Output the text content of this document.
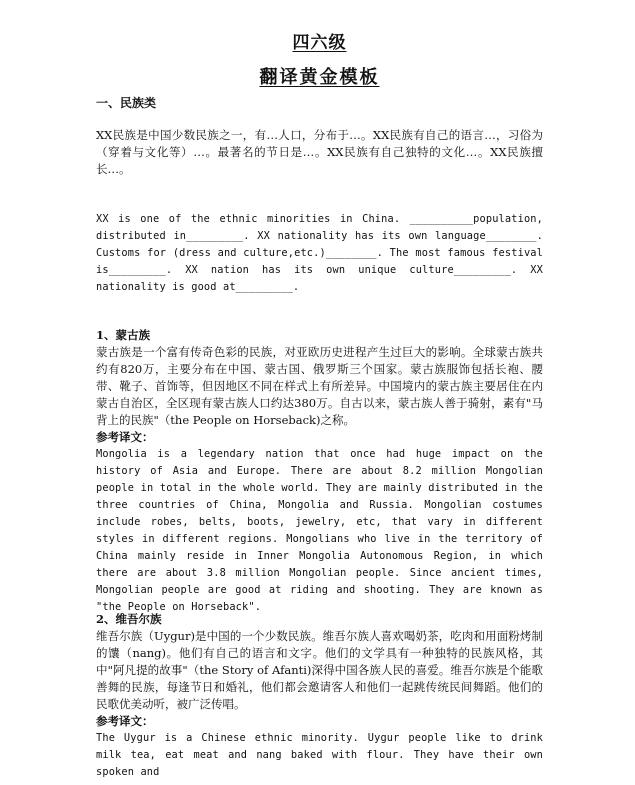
四六级
翻译黄金模板
一、民族类

XX民族是中国少数民族之一，有…人口，分布于…。XX民族有自己的语言…，习俗为（穿着与文化等）…。最著名的节日是…。XX民族有自己独特的文化…。XX民族擅长…。

XX is one of the ethnic minorities in China. __________population, distributed in_________. XX nationality has its own language________. Customs for (dress and culture,etc.)________. The most famous festival is_________. XX nation has its own unique culture_________. XX nationality is good at_________.

1、蒙古族

蒙古族是一个富有传奇色彩的民族，对亚欧历史进程产生过巨大的影响。全球蒙古族共约有820万，主要分布在中国、蒙古国、俄罗斯三个国家。蒙古族服饰包括长袍、腰带、靴子、首饰等，但因地区不同在样式上有所差异。中国境内的蒙古族主要居住在内蒙古自治区，全区现有蒙古族人口约达380万。自古以来，蒙古族人善于骑射，素有"马背上的民族"（the People on Horseback)之称。

参考译文：

Mongolia is a legendary nation that once had huge impact on the history of Asia and Europe. There are about 8.2 million Mongolian people in total in the whole world. They are mainly distributed in the three countries of China, Mongolia and Russia. Mongolian costumes include robes, belts, boots, jewelry, etc, that vary in different styles in different regions. Mongolians who live in the territory of China mainly reside in Inner Mongolia Autonomous Region, in which there are about 3.8 million Mongolian people. Since ancient times, Mongolian people are good at riding and shooting. They are known as "the People on Horseback".

2、维吾尔族

维吾尔族（Uygur)是中国的一个少数民族。维吾尔族人喜欢喝奶茶，吃肉和用面粉烤制的馕（nang)。他们有自己的语言和文字。他们的文学具有一种独特的民族风格，其中"阿凡提的故事"（the Story of Afanti)深得中国各族人民的喜爱。维吾尔族是个能歌善舞的民族，每逢节日和婚礼，他们都会邀请客人和他们一起跳传统民间舞蹈。他们的民歌优美动听，被广泛传唱。

参考译文：

The Uygur is a Chinese ethnic minority. Uygur people like to drink milk tea, eat meat and nang baked with flour. They have their own spoken and
